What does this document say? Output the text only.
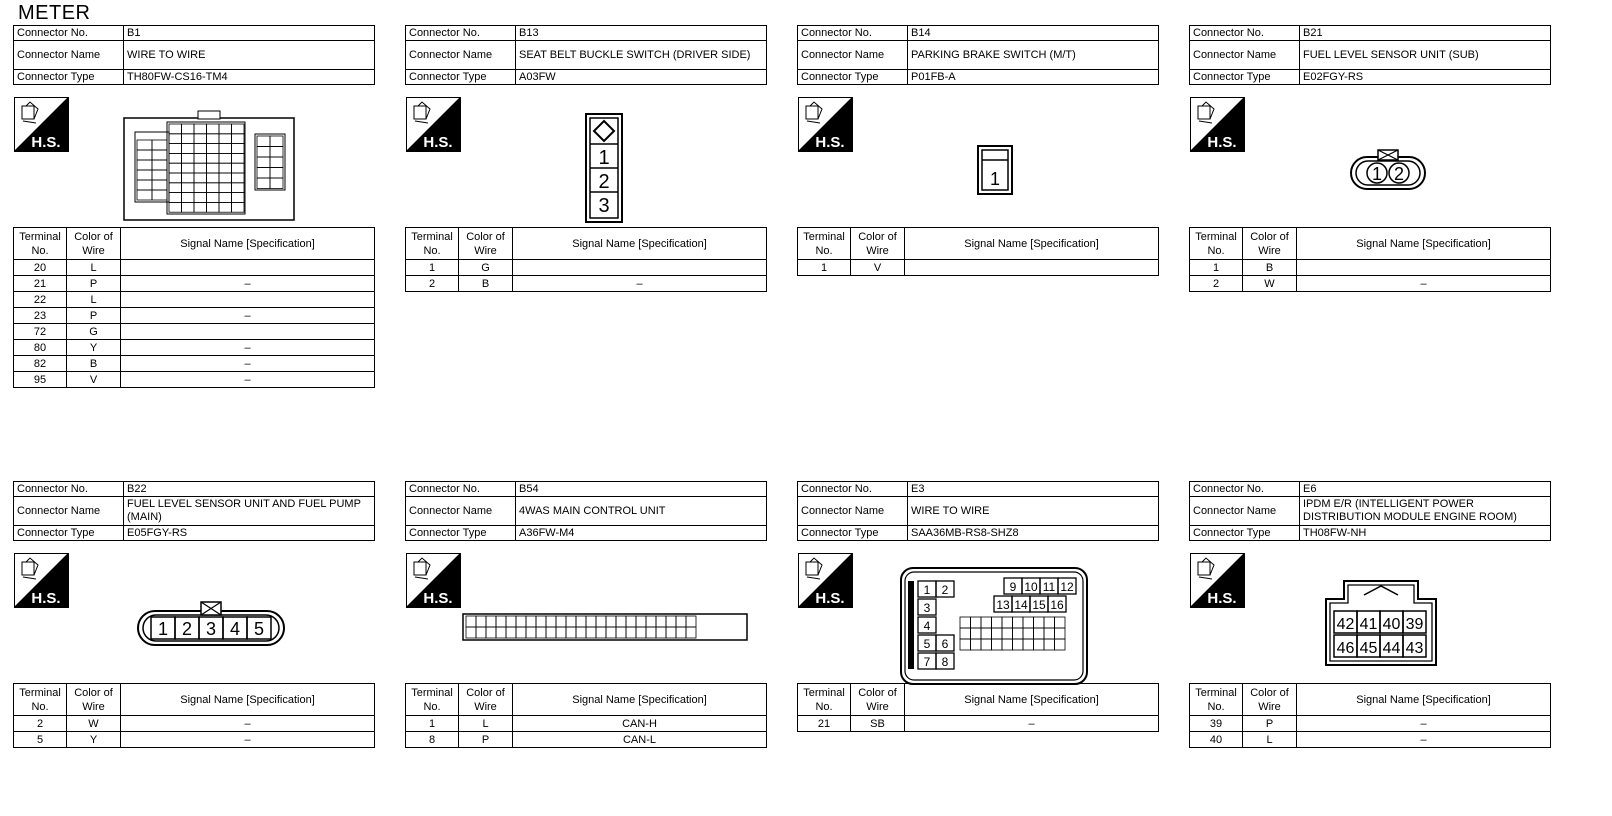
METER
Connector No.	B1
Connector Name	WIRE TO WIRE
Connector Type	TH80FW-CS16-TM4
H.S.
Terminal No.	Color of Wire	Signal Name [Specification]
20	L	
21	P	–
22	L	
23	P	–
72	G	
80	Y	–
82	B	–
95	V	–
Connector No.	B13
Connector Name	SEAT BELT BUCKLE SWITCH (DRIVER SIDE)
Connector Type	A03FW
H.S.
1
2
3
Terminal No.	Color of Wire	Signal Name [Specification]
1	G	
2	B	–
Connector No.	B14
Connector Name	PARKING BRAKE SWITCH (M/T)
Connector Type	P01FB-A
H.S.
1
Terminal No.	Color of Wire	Signal Name [Specification]
1	V	
Connector No.	B21
Connector Name	FUEL LEVEL SENSOR UNIT (SUB)
Connector Type	E02FGY-RS
H.S.
1 2
Terminal No.	Color of Wire	Signal Name [Specification]
1	B	
2	W	–
Connector No.	B22
Connector Name	FUEL LEVEL SENSOR UNIT AND FUEL PUMP (MAIN)
Connector Type	E05FGY-RS
H.S.
1 2 3 4 5
Terminal No.	Color of Wire	Signal Name [Specification]
2	W	–
5	Y	–
Connector No.	B54
Connector Name	4WAS MAIN CONTROL UNIT
Connector Type	A36FW-M4
H.S.
Terminal No.	Color of Wire	Signal Name [Specification]
1	L	CAN-H
8	P	CAN-L
Connector No.	E3
Connector Name	WIRE TO WIRE
Connector Type	SAA36MB-RS8-SHZ8
H.S.	1 2
3
4
5 6
7 8
9 10 11 12
13 14 15 16
Terminal No.	Color of Wire	Signal Name [Specification]
21	SB	–
Connector No.	E6
Connector Name	IPDM E/R (INTELLIGENT POWER DISTRIBUTION MODULE ENGINE ROOM)
Connector Type	TH08FW-NH
H.S.
42 41 40 39
46 45 44 43
Terminal No.	Color of Wire	Signal Name [Specification]
39	P	–
40	L	–
